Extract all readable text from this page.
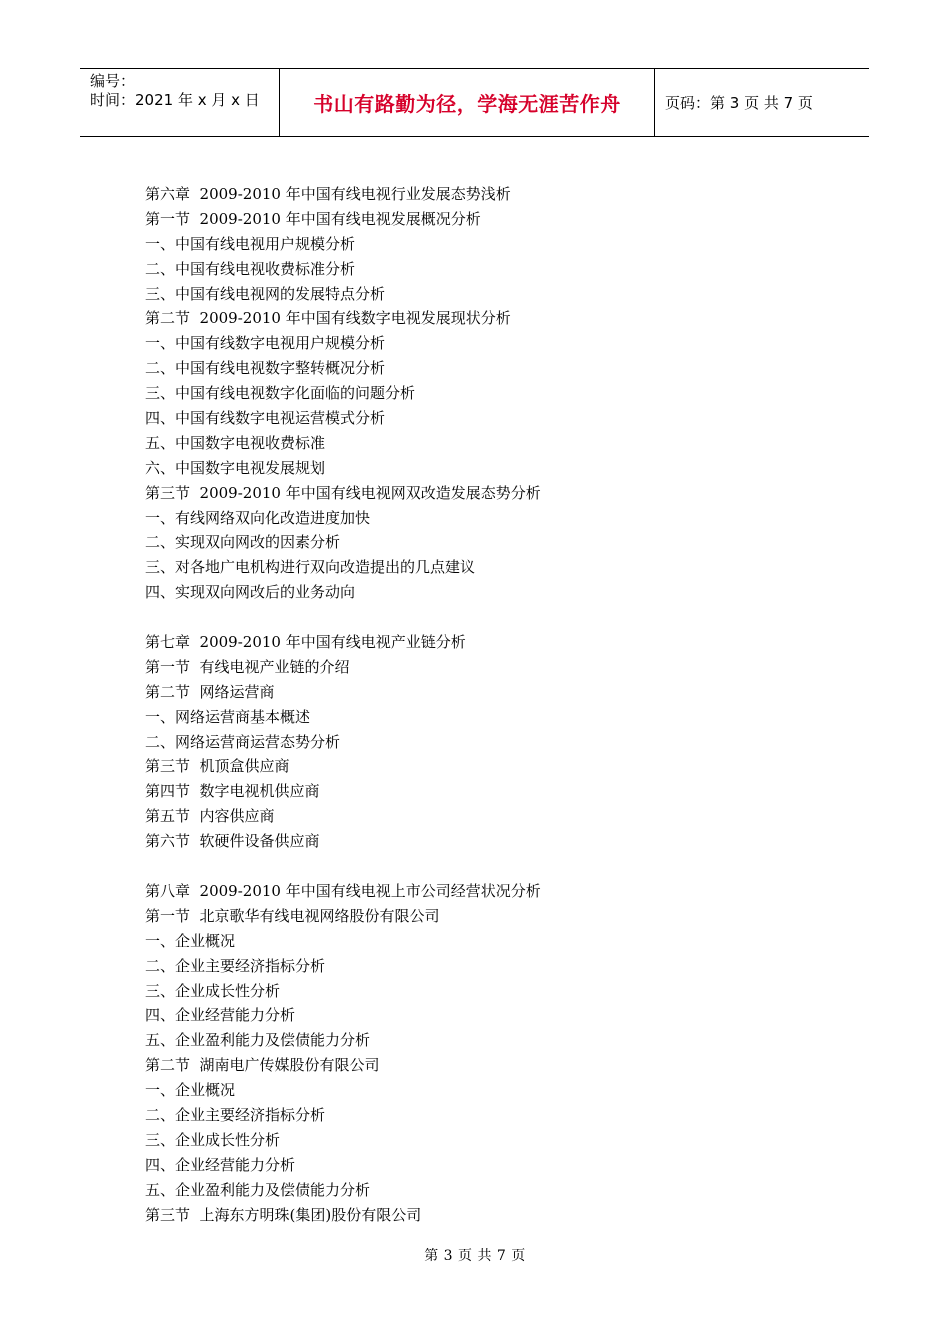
编号：
时间：2021 年 x 月 x 日	书山有路勤为径，学海无涯苦作舟	页码：第 3 页 共 7 页
第六章  2009-2010 年中国有线电视行业发展态势浅析
第一节  2009-2010 年中国有线电视发展概况分析
一、中国有线电视用户规模分析
二、中国有线电视收费标准分析
三、中国有线电视网的发展特点分析
第二节  2009-2010 年中国有线数字电视发展现状分析
一、中国有线数字电视用户规模分析
二、中国有线电视数字整转概况分析
三、中国有线电视数字化面临的问题分析
四、中国有线数字电视运营模式分析
五、中国数字电视收费标准
六、中国数字电视发展规划
第三节  2009-2010 年中国有线电视网双改造发展态势分析
一、有线网络双向化改造进度加快
二、实现双向网改的因素分析
三、对各地广电机构进行双向改造提出的几点建议
四、实现双向网改后的业务动向
第七章  2009-2010 年中国有线电视产业链分析
第一节  有线电视产业链的介绍
第二节  网络运营商
一、网络运营商基本概述
二、网络运营商运营态势分析
第三节  机顶盒供应商
第四节  数字电视机供应商
第五节  内容供应商
第六节  软硬件设备供应商
第八章  2009-2010 年中国有线电视上市公司经营状况分析
第一节  北京歌华有线电视网络股份有限公司
一、企业概况
二、企业主要经济指标分析
三、企业成长性分析
四、企业经营能力分析
五、企业盈利能力及偿债能力分析
第二节  湖南电广传媒股份有限公司
一、企业概况
二、企业主要经济指标分析
三、企业成长性分析
四、企业经营能力分析
五、企业盈利能力及偿债能力分析
第三节  上海东方明珠(集团)股份有限公司
第 3 页 共 7 页
